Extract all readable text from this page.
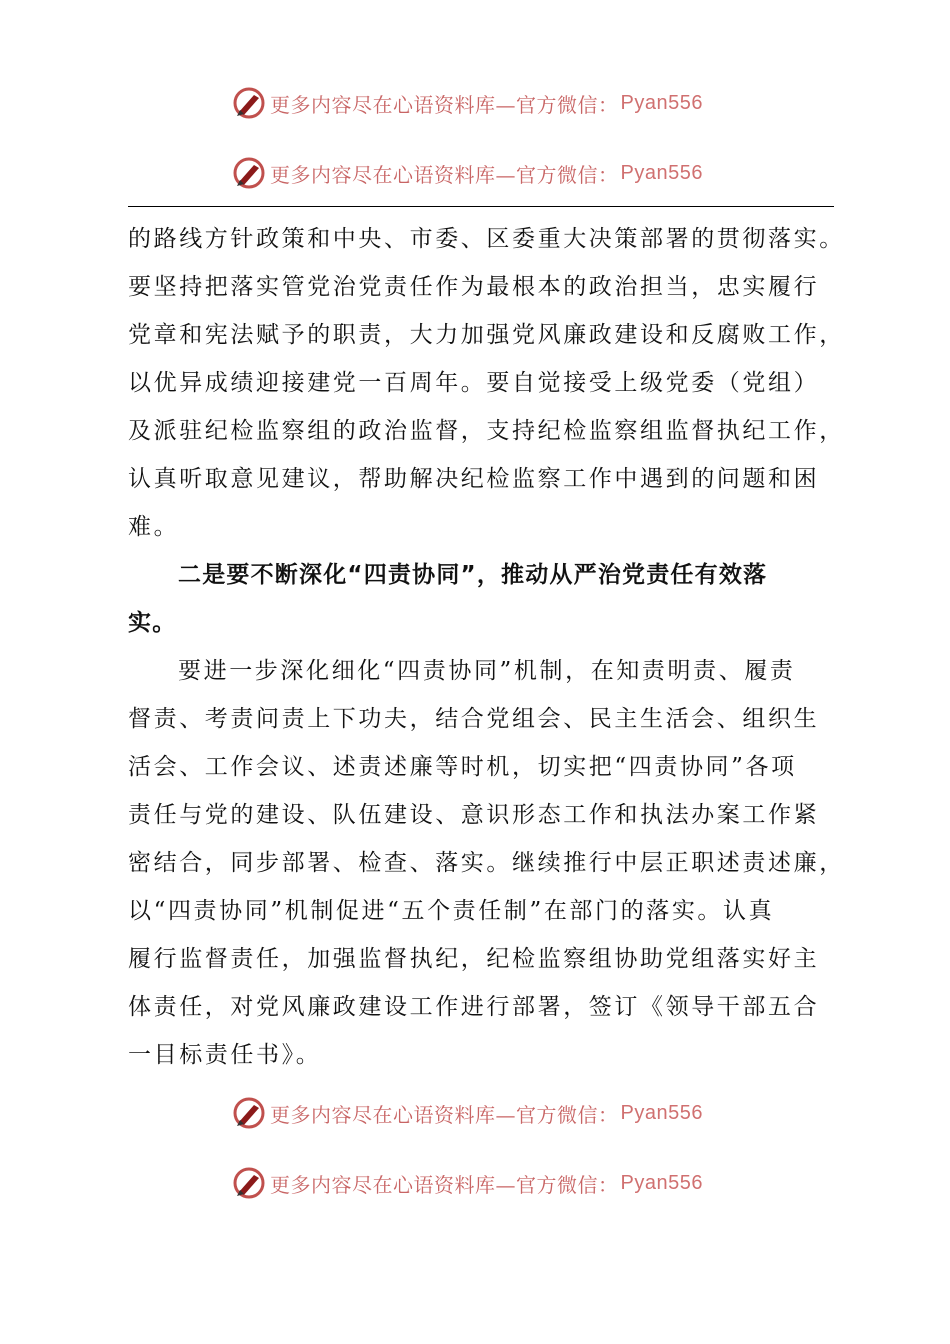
更多内容尽在心语资料库—官方微信： Pyan556
更多内容尽在心语资料库—官方微信： Pyan556
的路线方针政策和中央、市委、区委重大决策部署的贯彻落实。
要坚持把落实管党治党责任作为最根本的政治担当，忠实履行
党章和宪法赋予的职责，大力加强党风廉政建设和反腐败工作，
以优异成绩迎接建党一百周年。要自觉接受上级党委（党组）
及派驻纪检监察组的政治监督，支持纪检监察组监督执纪工作，
认真听取意见建议，帮助解决纪检监察工作中遇到的问题和困
难。
二是要不断深化“四责协同”，推动从严治党责任有效落
实。
要进一步深化细化“四责协同”机制，在知责明责、履责
督责、考责问责上下功夫，结合党组会、民主生活会、组织生
活会、工作会议、述责述廉等时机，切实把“四责协同”各项
责任与党的建设、队伍建设、意识形态工作和执法办案工作紧
密结合，同步部署、检查、落实。继续推行中层正职述责述廉，
以“四责协同”机制促进“五个责任制”在部门的落实。认真
履行监督责任，加强监督执纪，纪检监察组协助党组落实好主
体责任，对党风廉政建设工作进行部署，签订《领导干部五合
一目标责任书》。
更多内容尽在心语资料库—官方微信： Pyan556
更多内容尽在心语资料库—官方微信： Pyan556
